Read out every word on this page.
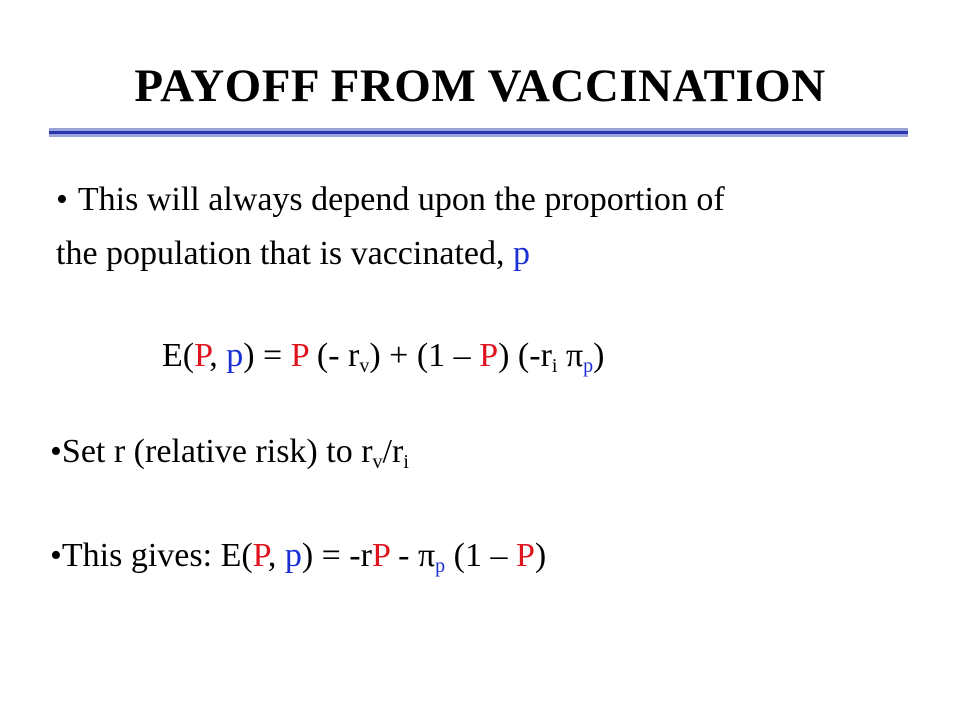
PAYOFF FROM VACCINATION
• This will always depend upon the proportion of
the population that is vaccinated, p
E(P, p) = P (- $r_v) + (1 - P)$ ($-r_i$ $\pi_p$)
•Set r (relative risk) to $r_v/r_i$
•This gives: E(P, $p) = -rP - \pi_p$ (1 – P)
